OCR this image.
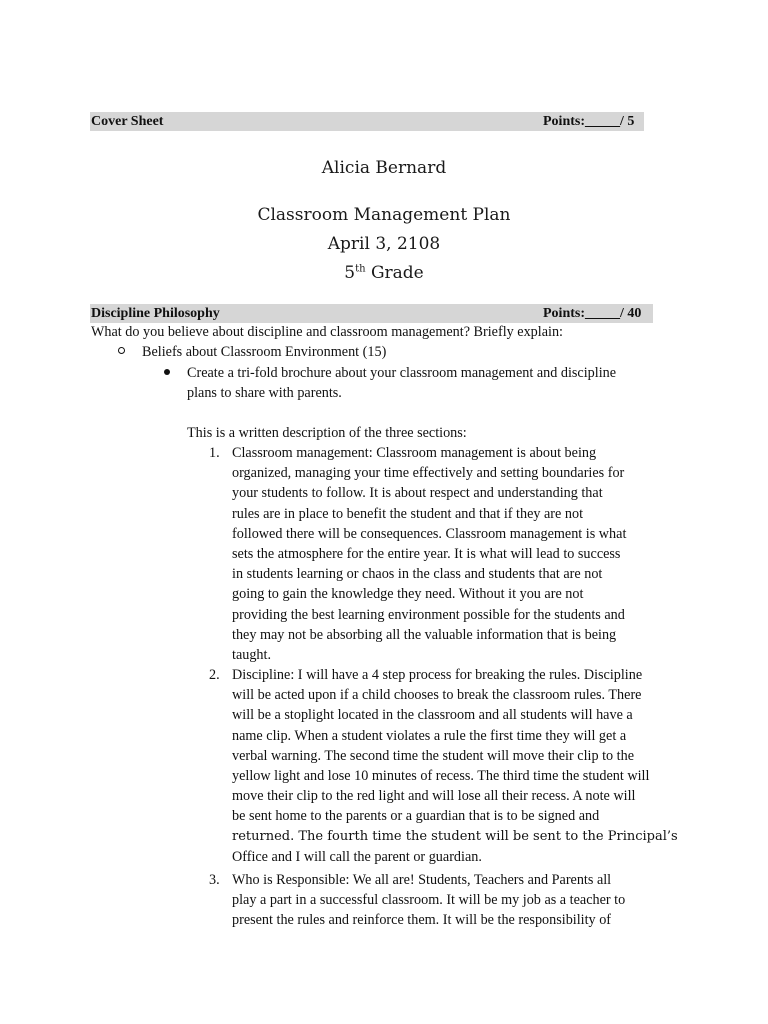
Cover Sheet	Points:_____/ 5
Alicia Bernard
Classroom Management Plan
April 3, 2108
5th Grade
Discipline Philosophy	Points:_____/ 40
What do you believe about discipline and classroom management? Briefly explain:
Beliefs about Classroom Environment (15)
Create a tri-fold brochure about your classroom management and discipline
plans to share with parents.
This is a written description of the three sections:
1. Classroom management: Classroom management is about being
organized, managing your time effectively and setting boundaries for
your students to follow. It is about respect and understanding that
rules are in place to benefit the student and that if they are not
followed there will be consequences. Classroom management is what
sets the atmosphere for the entire year. It is what will lead to success
in students learning or chaos in the class and students that are not
going to gain the knowledge they need. Without it you are not
providing the best learning environment possible for the students and
they may not be absorbing all the valuable information that is being
taught.
2. Discipline: I will have a 4 step process for breaking the rules. Discipline
will be acted upon if a child chooses to break the classroom rules. There
will be a stoplight located in the classroom and all students will have a
name clip. When a student violates a rule the first time they will get a
verbal warning. The second time the student will move their clip to the
yellow light and lose 10 minutes of recess. The third time the student will
move their clip to the red light and will lose all their recess. A note will
be sent home to the parents or a guardian that is to be signed and
returned. The fourth time the student will be sent to the Principal’s
Office and I will call the parent or guardian.
3. Who is Responsible: We all are! Students, Teachers and Parents all
play a part in a successful classroom. It will be my job as a teacher to
present the rules and reinforce them. It will be the responsibility of
